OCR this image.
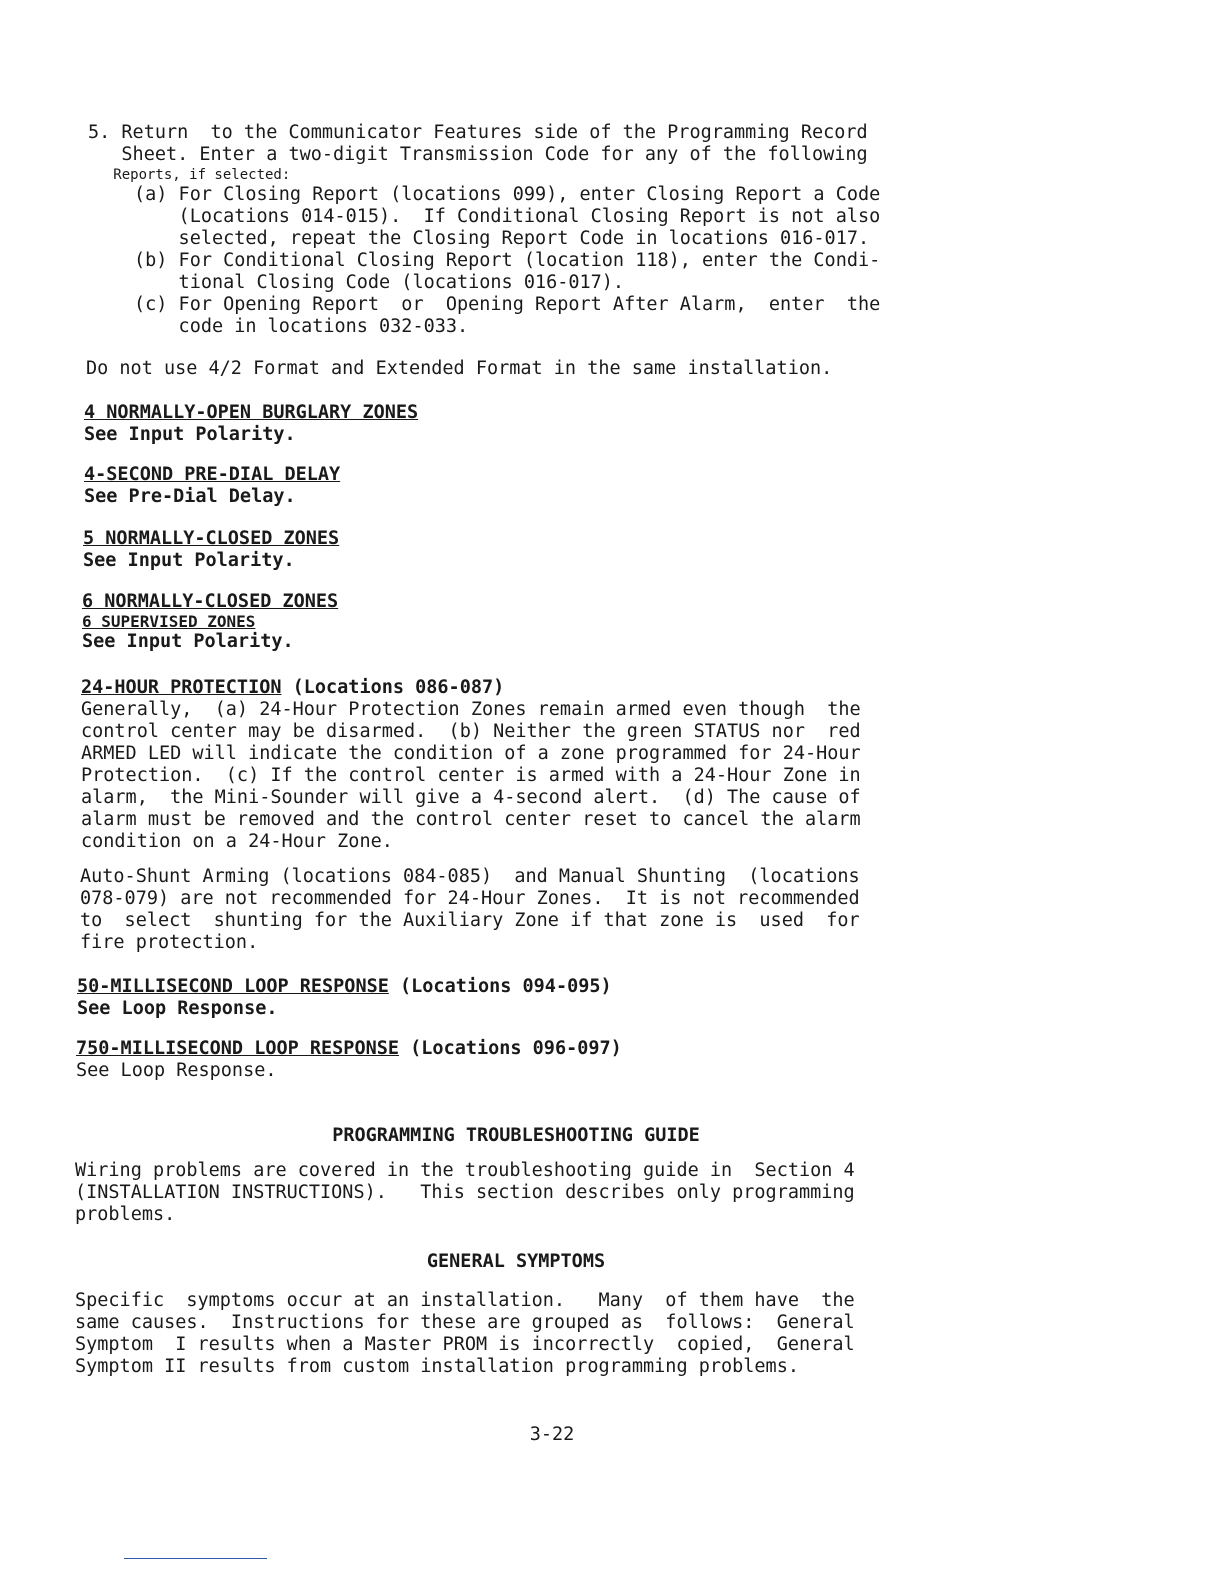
5. Return  to the Communicator Features side of the Programming Record
Sheet. Enter a two-digit Transmission Code for any of the following
Reports, if selected:
(a) For Closing Report (locations 099), enter Closing Report a Code
(Locations 014-015).  If Conditional Closing Report is not also
selected, repeat the Closing Report Code in locations 016-017.
(b) For Conditional Closing Report (location 118), enter the Condi-
tional Closing Code (locations 016-017).
(c) For Opening Report  or  Opening Report After Alarm,  enter  the
code in locations 032-033.
Do not use 4/2 Format and Extended Format in the same installation.
4 NORMALLY-OPEN BURGLARY ZONES
See Input Polarity.
4-SECOND PRE-DIAL DELAY
See Pre-Dial Delay.
5 NORMALLY-CLOSED ZONES
See Input Polarity.
6 NORMALLY-CLOSED ZONES
6 SUPERVISED ZONES
See Input Polarity.
24-HOUR PROTECTION (Locations 086-087)
Generally,  (a) 24-Hour Protection Zones remain armed even though  the
control center may be disarmed.  (b) Neither the green STATUS nor  red
ARMED LED will indicate the condition of a zone programmed for 24-Hour
Protection.  (c) If the control center is armed with a 24-Hour Zone in
alarm,  the Mini-Sounder will give a 4-second alert.  (d) The cause of
alarm must be removed and the control center reset to cancel the alarm
condition on a 24-Hour Zone.
Auto-Shunt Arming (locations 084-085)  and Manual Shunting  (locations
078-079) are not recommended for 24-Hour Zones.  It is not recommended
to  select  shunting for the Auxiliary Zone if that zone is  used  for
fire protection.
50-MILLISECOND LOOP RESPONSE (Locations 094-095)
See Loop Response.
750-MILLISECOND LOOP RESPONSE (Locations 096-097)
See Loop Response.
PROGRAMMING TROUBLESHOOTING GUIDE
Wiring problems are covered in the troubleshooting guide in  Section 4
(INSTALLATION INSTRUCTIONS).   This section describes only programming
problems.
GENERAL SYMPTOMS
Specific  symptoms occur at an installation.   Many  of them have  the
same causes.  Instructions for these are grouped as  follows:  General
Symptom  I results when a Master PROM is incorrectly  copied,  General
Symptom II results from custom installation programming problems.
3-22
